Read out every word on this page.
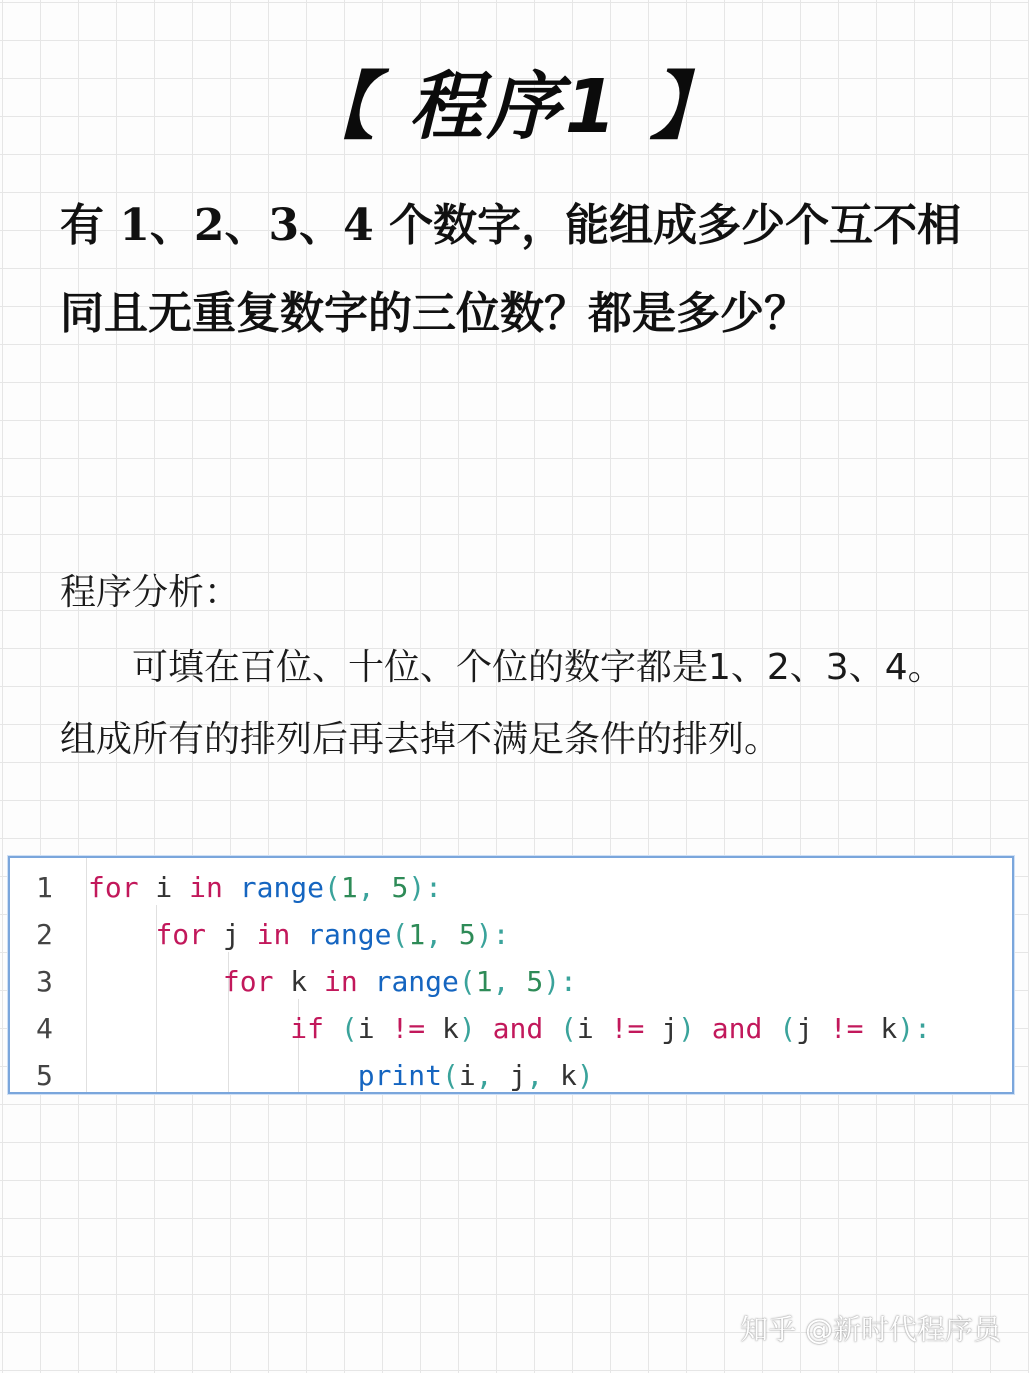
【 程序1 】
有 1、2、3、4 个数字，能组成多少个互不相同且无重复数字的三位数？都是多少？
程序分析：
可填在百位、十位、个位的数字都是1、2、3、4。组成所有的排列后再去掉不满足条件的排列。
1	for i in range(1, 5):
2	for j in range(1, 5):
3	for k in range(1, 5):
4	if (i != k) and (i != j) and (j != k):
5	print(i, j, k)
知乎 @新时代程序员
